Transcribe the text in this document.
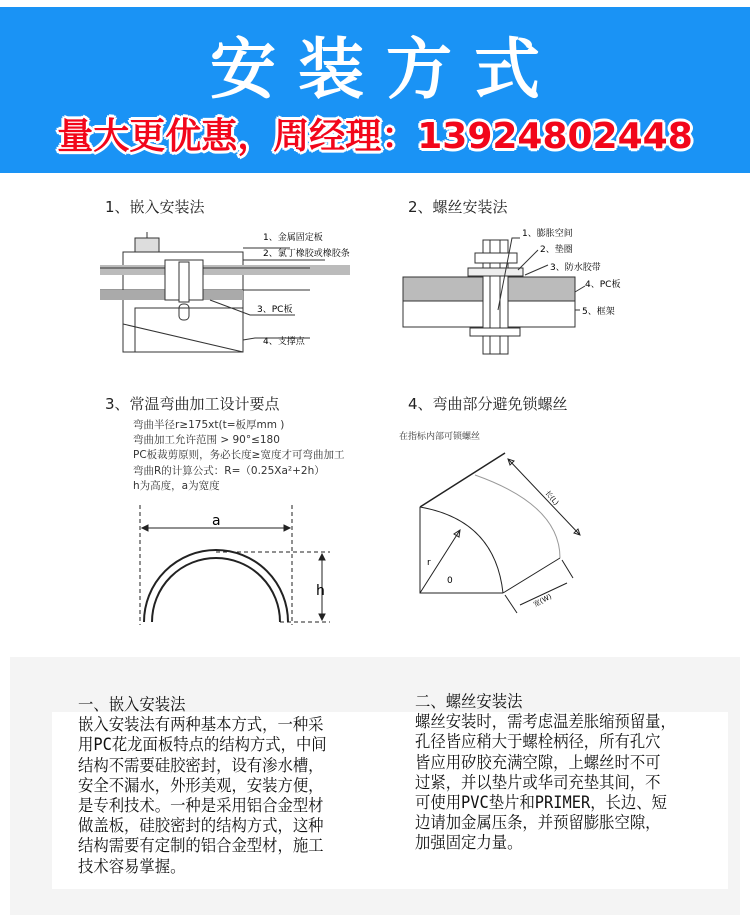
安装方式
量大更优惠，周经理：13924802448
1、嵌入安装法	2、螺丝安装法
3、常温弯曲加工设计要点	4、弯曲部分避免锁螺丝
1、金属固定板
2、氯丁橡胶或橡胶条
3、PC板
4、支撑点
1、膨胀空间
2、垫圈
3、防水胶带
4、PC板
5、框架
弯曲半径r≥175xt(t=板厚mm )
弯曲加工允许范围 > 90°≤180
PC板裁剪原则，务必长度≥宽度才可弯曲加工
弯曲R的计算公式：R=（0.25Xa²+2h）
h为高度，a为宽度
a
h
在指标内部可锁螺丝
r
0
长(L)
宽(W)
一、嵌入安装法
嵌入安装法有两种基本方式，一种采
用PC花龙面板特点的结构方式，中间
结构不需要硅胶密封，设有渗水槽，
安全不漏水，外形美观，安装方便，
是专利技术。一种是采用铝合金型材
做盖板，硅胶密封的结构方式，这种
结构需要有定制的铝合金型材，施工
技术容易掌握。
二、螺丝安装法
螺丝安装时，需考虑温差胀缩预留量，
孔径皆应稍大于螺栓柄径，所有孔穴
皆应用矽胶充满空隙，上螺丝时不可
过紧，并以垫片或华司充垫其间，不
可使用PVC垫片和PRIMER，长边、短
边请加金属压条，并预留膨胀空隙，
加强固定力量。
